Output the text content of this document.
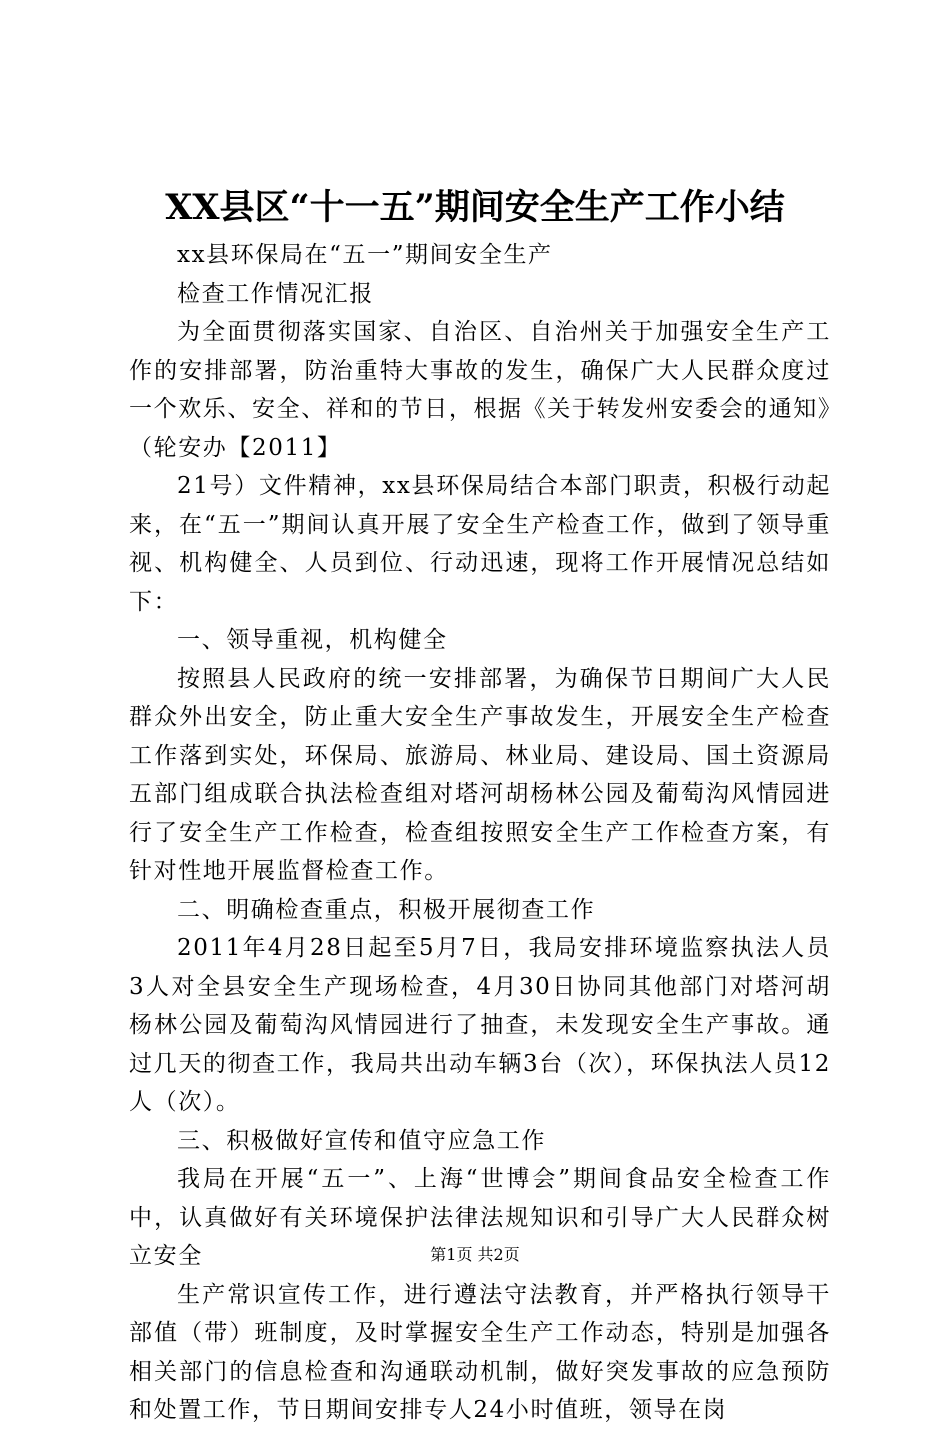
XX县区“十一五”期间安全生产工作小结

xx县环保局在“五一”期间安全生产

检查工作情况汇报

为全面贯彻落实国家、自治区、自治州关于加强安全生产工作的安排部署，防治重特大事故的发生，确保广大人民群众度过一个欢乐、安全、祥和的节日，根据《关于转发州安委会的通知》（轮安办【2011】

21号）文件精神，xx县环保局结合本部门职责，积极行动起来，在“五一”期间认真开展了安全生产检查工作，做到了领导重视、机构健全、人员到位、行动迅速，现将工作开展情况总结如下：

一、领导重视，机构健全

按照县人民政府的统一安排部署，为确保节日期间广大人民群众外出安全，防止重大安全生产事故发生，开展安全生产检查工作落到实处，环保局、旅游局、林业局、建设局、国土资源局五部门组成联合执法检查组对塔河胡杨林公园及葡萄沟风情园进行了安全生产工作检查，检查组按照安全生产工作检查方案，有针对性地开展监督检查工作。

二、明确检查重点，积极开展彻查工作

2011年4月28日起至5月7日，我局安排环境监察执法人员3人对全县安全生产现场检查，4月30日协同其他部门对塔河胡杨林公园及葡萄沟风情园进行了抽查，未发现安全生产事故。通过几天的彻查工作，我局共出动车辆3台（次），环保执法人员12人（次）。

三、积极做好宣传和值守应急工作

我局在开展“五一”、上海“世博会”期间食品安全检查工作中，认真做好有关环境保护法律法规知识和引导广大人民群众树立安全

生产常识宣传工作，进行遵法守法教育，并严格执行领导干部值（带）班制度，及时掌握安全生产工作动态，特别是加强各相关部门的信息检查和沟通联动机制，做好突发事故的应急预防和处置工作，节日期间安排专人24小时值班，领导在岗

第1页 共2页
